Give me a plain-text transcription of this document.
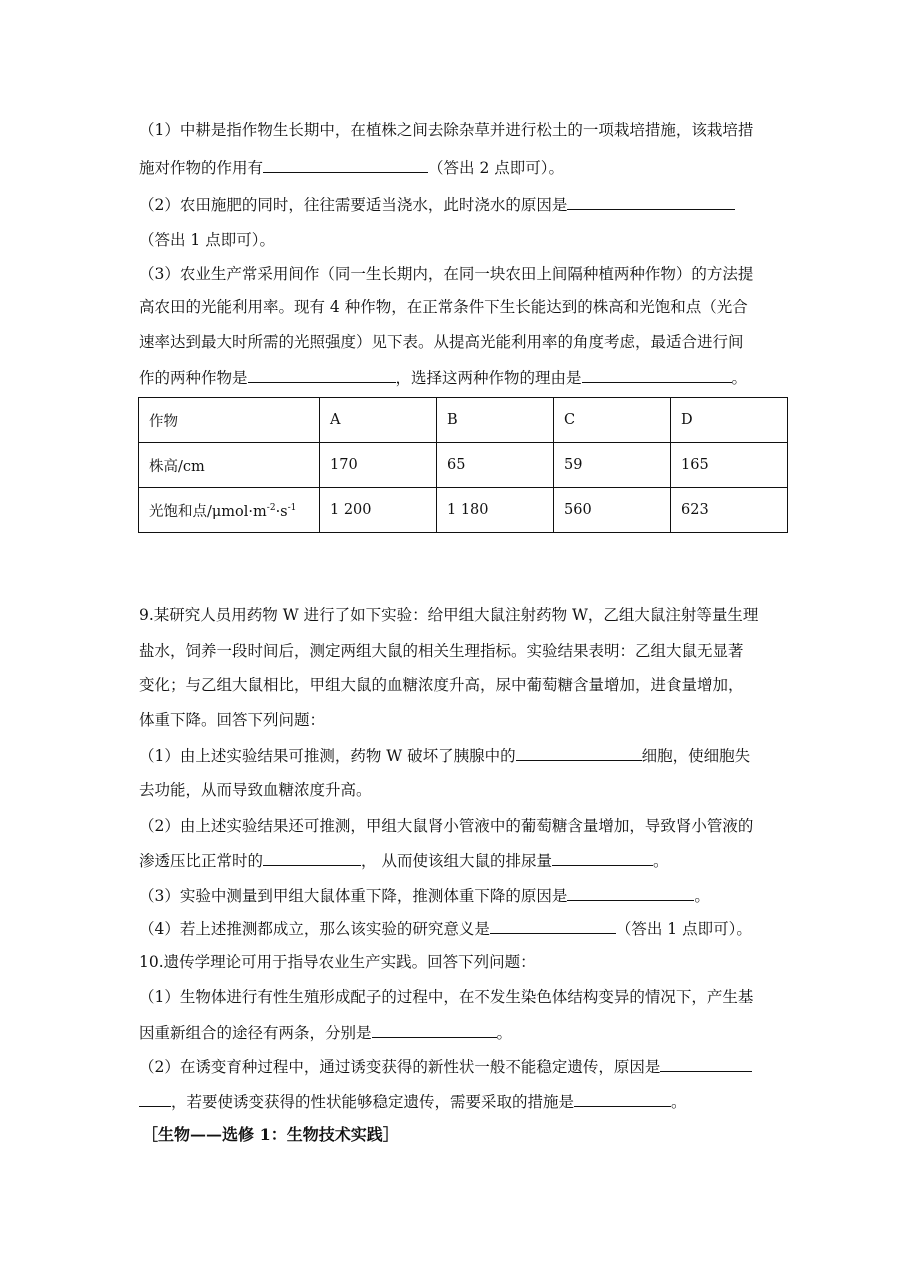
（1）中耕是指作物生长期中，在植株之间去除杂草并进行松土的一项栽培措施，该栽培措
施对作物的作用有	（答出 2 点即可）。
（2）农田施肥的同时，往往需要适当浇水，此时浇水的原因是
（答出 1 点即可）。
（3）农业生产常采用间作（同一生长期内，在同一块农田上间隔种植两种作物）的方法提
高农田的光能利用率。现有 4 种作物，在正常条件下生长能达到的株高和光饱和点（光合
速率达到最大时所需的光照强度）见下表。从提高光能利用率的角度考虑，最适合进行间
作的两种作物是	，选择这两种作物的理由是	。
作物	A	B	C	D
株高/cm	170	65	59	165
光饱和点$/\mu mol\cdot m^{-2}\cdot s^{-1}$	1 200	1 180	560	623
9.某研究人员用药物 W 进行了如下实验：给甲组大鼠注射药物 W，乙组大鼠注射等量生理
盐水，饲养一段时间后，测定两组大鼠的相关生理指标。实验结果表明：乙组大鼠无显著
变化；与乙组大鼠相比，甲组大鼠的血糖浓度升高，尿中葡萄糖含量增加，进食量增加，
体重下降。回答下列问题：
（1）由上述实验结果可推测，药物 W 破坏了胰腺中的	细胞，使细胞失
去功能，从而导致血糖浓度升高。
（2）由上述实验结果还可推测，甲组大鼠肾小管液中的葡萄糖含量增加，导致肾小管液的
渗透压比正常时的	， 从而使该组大鼠的排尿量	。
（3）实验中测量到甲组大鼠体重下降，推测体重下降的原因是	。
（4）若上述推测都成立，那么该实验的研究意义是	（答出 1 点即可）。
10.遗传学理论可用于指导农业生产实践。回答下列问题：
（1）生物体进行有性生殖形成配子的过程中，在不发生染色体结构变异的情况下，产生基
因重新组合的途径有两条，分别是	。
（2）在诱变育种过程中，通过诱变获得的新性状一般不能稳定遗传，原因是
，若要使诱变获得的性状能够稳定遗传，需要采取的措施是	。
［生物——选修 1：生物技术实践］
